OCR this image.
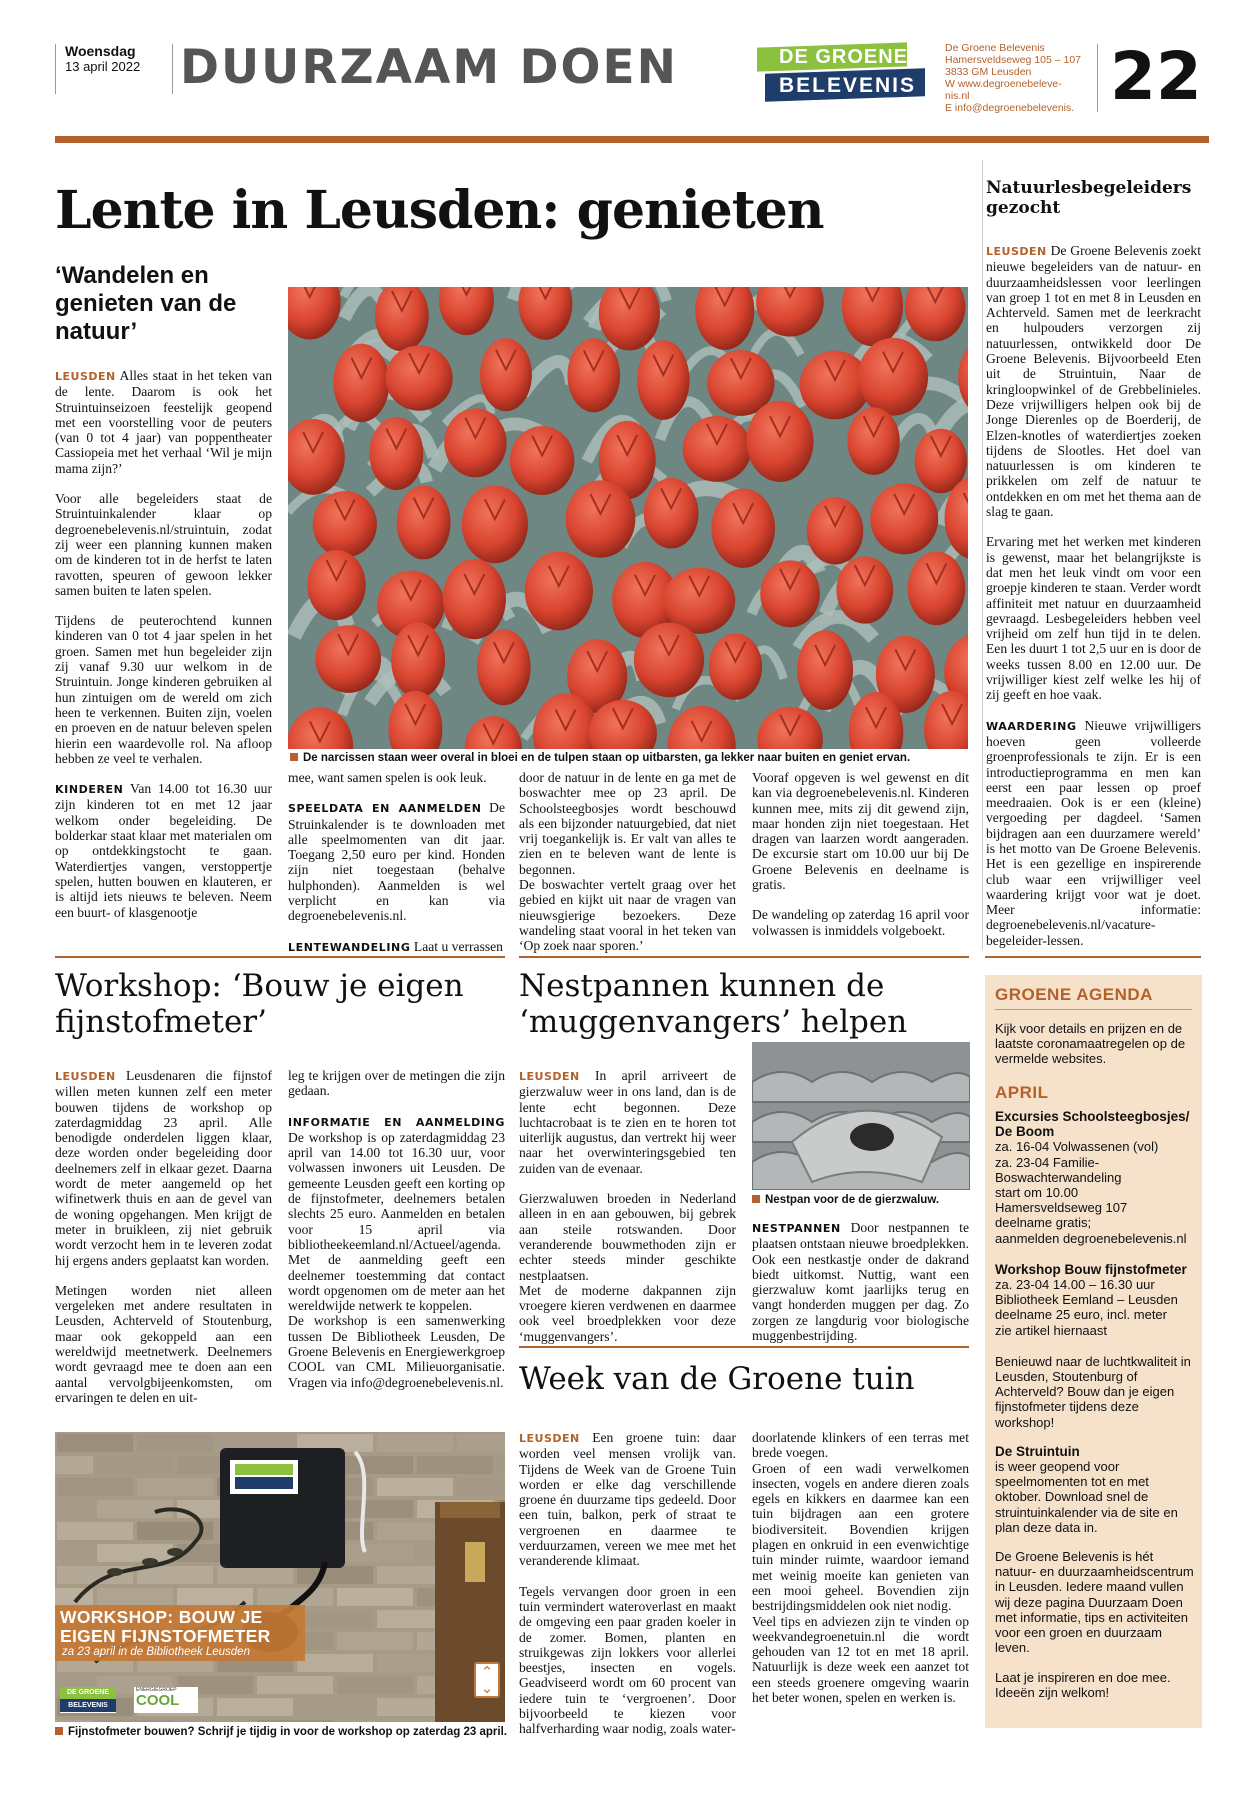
Woensdag
13 april 2022 DUURZAAM DOEN	DE GROENE
BELEVENIS
De Groene Belevenis
Hamersveldseweg 105 – 107
3833 GM Leusden
W www.degroenebeleve-
nis.nl
E info@degroenebelevenis. 22
Lente in Leusden: genieten
‘Wandelen en genieten van de natuur’
De narcissen staan weer overal in bloei en de tulpen staan op uitbarsten, ga lekker naar buiten en geniet ervan.

LEUSDEN Alles staat in het teken van de lente. Daarom is ook het Struintuinseizoen feestelijk geopend met een voorstelling voor de peuters (van 0 tot 4 jaar) van poppentheater Cassiopeia met het verhaal ‘Wil je mijn mama zijn?’

Voor alle begeleiders staat de Struintuinkalender klaar op degroenebelevenis.nl/struintuin, zodat zij weer een planning kunnen maken om de kinderen tot in de herfst te laten ravotten, speuren of gewoon lekker samen buiten te laten spelen.

Tijdens de peuterochtend kunnen kinderen van 0 tot 4 jaar spelen in het groen. Samen met hun begeleider zijn zij vanaf 9.30 uur welkom in de Struintuin. Jonge kinderen gebruiken al hun zintuigen om de wereld om zich heen te verkennen. Buiten zijn, voelen en proeven en de natuur beleven spelen hierin een waardevolle rol. Na afloop hebben ze veel te verhalen.

KINDEREN Van 14.00 tot 16.30 uur zijn kinderen tot en met 12 jaar welkom onder begeleiding. De bolderkar staat klaar met materialen om op ontdekkingstocht te gaan. Waterdiertjes vangen, verstoppertje spelen, hutten bouwen en klauteren, er is altijd iets nieuws te beleven. Neem een buurt- of klasgenootje

mee, want samen spelen is ook leuk.

SPEELDATA EN AANMELDEN De Struinkalender is te downloaden met alle speelmomenten van dit jaar. Toegang 2,50 euro per kind. Honden zijn niet toegestaan (behalve hulphonden). Aanmelden is wel verplicht en kan via degroenebelevenis.nl.

LENTEWANDELING Laat u verrassen

door de natuur in de lente en ga met de boswachter mee op 23 april. De Schoolsteegbosjes wordt beschouwd als een bijzonder natuurgebied, dat niet vrij toegankelijk is. Er valt van alles te zien en te beleven want de lente is begonnen.

De boswachter vertelt graag over het gebied en kijkt uit naar de vragen van nieuwsgierige bezoekers. Deze wandeling staat vooral in het teken van ‘Op zoek naar sporen.’

Vooraf opgeven is wel gewenst en dit kan via degroenebelevenis.nl. Kinderen kunnen mee, mits zij dit gewend zijn, maar honden zijn niet toegestaan. Het dragen van laarzen wordt aangeraden. De excursie start om 10.00 uur bij De Groene Belevenis en deelname is gratis.

De wandeling op zaterdag 16 april voor volwassen is inmiddels volgeboekt.

Natuurlesbegeleiders gezocht

LEUSDEN De Groene Belevenis zoekt nieuwe begeleiders van de natuur- en duurzaamheidslessen voor leerlingen van groep 1 tot en met 8 in Leusden en Achterveld. Samen met de leerkracht en hulpouders verzorgen zij natuurlessen, ontwikkeld door De Groene Belevenis. Bijvoorbeeld Eten uit de Struintuin, Naar de kringloopwinkel of de Grebbelinieles. Deze vrijwilligers helpen ook bij de Jonge Dierenles op de Boerderij, de Elzen-knotles of waterdiertjes zoeken tijdens de Slootles. Het doel van natuurlessen is om kinderen te prikkelen om zelf de natuur te ontdekken en om met het thema aan de slag te gaan.

Ervaring met het werken met kinderen is gewenst, maar het belangrijkste is dat men het leuk vindt om voor een groepje kinderen te staan. Verder wordt affiniteit met natuur en duurzaamheid gevraagd. Lesbegeleiders hebben veel vrijheid om zelf hun tijd in te delen. Een les duurt 1 tot 2,5 uur en is door de weeks tussen 8.00 en 12.00 uur. De vrijwilliger kiest zelf welke les hij of zij geeft en hoe vaak.

WAARDERING Nieuwe vrijwilligers hoeven geen volleerde groenprofessionals te zijn. Er is een introductieprogramma en men kan eerst een paar lessen op proef meedraaien. Ook is er een (kleine) vergoeding per dagdeel. ‘Samen bijdragen aan een duurzamere wereld’ is het motto van De Groene Belevenis. Het is een gezellige en inspirerende club waar een vrijwilliger veel waardering krijgt voor wat je doet. Meer informatie: degroenebelevenis.nl/vacature-begeleider-lessen.

Workshop: ‘Bouw je eigen fijnstofmeter’

LEUSDEN Leusdenaren die fijnstof willen meten kunnen zelf een meter bouwen tijdens de workshop op zaterdagmiddag 23 april. Alle benodigde onderdelen liggen klaar, deze worden onder begeleiding door deelnemers zelf in elkaar gezet. Daarna wordt de meter aangemeld op het wifinetwerk thuis en aan de gevel van de woning opgehangen. Men krijgt de meter in bruikleen, zij niet gebruik wordt verzocht hem in te leveren zodat hij ergens anders geplaatst kan worden.

Metingen worden niet alleen vergeleken met andere resultaten in Leusden, Achterveld of Stoutenburg, maar ook gekoppeld aan een wereldwijd meetnetwerk. Deelnemers wordt gevraagd mee te doen aan een aantal vervolgbijeenkomsten, om ervaringen te delen en uit-

leg te krijgen over de metingen die zijn gedaan.

INFORMATIE EN AANMELDING De workshop is op zaterdagmiddag 23 april van 14.00 tot 16.30 uur, voor volwassen inwoners uit Leusden. De gemeente Leusden geeft een korting op de fijnstofmeter, deelnemers betalen slechts 25 euro. Aanmelden en betalen voor 15 april via bibliotheekeemland.nl/Actueel/agenda. Met de aanmelding geeft een deelnemer toestemming dat contact wordt opgenomen om de meter aan het wereldwijde netwerk te koppelen.

De workshop is een samenwerking tussen De Bibliotheek Leusden, De Groene Belevenis en Energiewerkgroep COOL van CML Milieuorganisatie. Vragen via info@degroenebelevenis.nl.

WORKSHOP: BOUW JE
EIGEN FIJNSTOFMETER
za 23 april in de Bibliotheek Leusden
DE GROENE
BELEVENIS
ENERGIEGROEP
COOL
⌃
⌄
Fijnstofmeter bouwen? Schrijf je tijdig in voor de workshop op zaterdag 23 april.
Nestpannen kunnen de ‘muggenvangers’ helpen

LEUSDEN In april arriveert de gierzwaluw weer in ons land, dan is de lente echt begonnen. Deze luchtacrobaat is te zien en te horen tot uiterlijk augustus, dan vertrekt hij weer naar het overwinteringsgebied ten zuiden van de evenaar.

Gierzwaluwen broeden in Nederland alleen in en aan gebouwen, bij gebrek aan steile rotswanden. Door veranderende bouwmethoden zijn er echter steeds minder geschikte nestplaatsen.

Met de moderne dakpannen zijn vroegere kieren verdwenen en daarmee ook veel broedplekken voor deze ‘muggenvangers’.

Nestpan voor de de gierzwaluw.

NESTPANNEN Door nestpannen te plaatsen ontstaan nieuwe broedplekken. Ook een nestkastje onder de dakrand biedt uitkomst. Nuttig, want een gierzwaluw komt jaarlijks terug en vangt honderden muggen per dag. Zo zorgen ze langdurig voor biologische muggenbestrijding.

Week van de Groene tuin

LEUSDEN Een groene tuin: daar worden veel mensen vrolijk van. Tijdens de Week van de Groene Tuin worden er elke dag verschillende groene én duurzame tips gedeeld. Door een tuin, balkon, perk of straat te vergroenen en daarmee te verduurzamen, vereen we mee met het veranderende klimaat.

Tegels vervangen door groen in een tuin vermindert wateroverlast en maakt de omgeving een paar graden koeler in de zomer. Bomen, planten en struikgewas zijn lokkers voor allerlei beestjes, insecten en vogels. Geadviseerd wordt om 60 procent van iedere tuin te ‘vergroenen’. Door bijvoorbeeld te kiezen voor halfverharding waar nodig, zoals water-

doorlatende klinkers of een terras met brede voegen.

Groen of een wadi verwelkomen insecten, vogels en andere dieren zoals egels en kikkers en daarmee kan een tuin bijdragen aan een grotere biodiversiteit. Bovendien krijgen plagen en onkruid in een evenwichtige tuin minder ruimte, waardoor iemand met weinig moeite kan genieten van een mooi geheel. Bovendien zijn bestrijdingsmiddelen ook niet nodig.

Veel tips en adviezen zijn te vinden op weekvandegroenetuin.nl die wordt gehouden van 12 tot en met 18 april. Natuurlijk is deze week een aanzet tot een steeds groenere omgeving waarin het beter wonen, spelen en werken is.

GROENE AGENDA
Kijk voor details en prijzen en de laatste coronamaatregelen op de vermelde websites.
APRIL
Excursies Schoolsteegbosjes/ De Boom
za. 16-04 Volwassenen (vol)
za. 23-04 Familie-Boswachterwandeling
start om 10.00
Hamersveldseweg 107
deelname gratis;
aanmelden degroenebelevenis.nl
Workshop Bouw fijnstofmeter
za. 23-04 14.00 – 16.30 uur
Bibliotheek Eemland – Leusden
deelname 25 euro, incl. meter
zie artikel hiernaast
Benieuwd naar de luchtkwaliteit in Leusden, Stoutenburg of Achterveld? Bouw dan je eigen fijnstofmeter tijdens deze workshop!
De Struintuin
is weer geopend voor speelmomenten tot en met oktober. Download snel de struintuinkalender via de site en plan deze data in.
De Groene Belevenis is hét natuur- en duurzaamheidscentrum in Leusden. Iedere maand vullen wij deze pagina Duurzaam Doen met informatie, tips en activiteiten voor een groen en duurzaam leven.
Laat je inspireren en doe mee. Ideeën zijn welkom!
